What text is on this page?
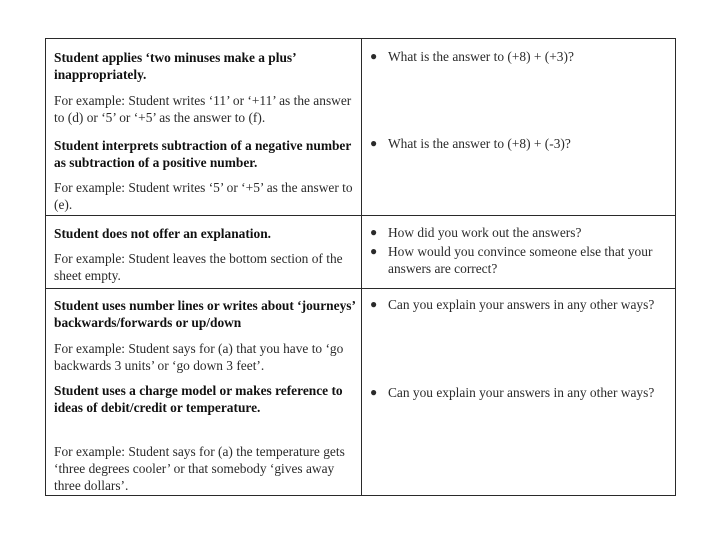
Student applies ‘two minuses make a plus’ inappropriately.
For example: Student writes ‘11’ or ‘+11’ as the answer to (d) or ‘5’ or ‘+5’ as the answer to (f).
Student interprets subtraction of a negative number as subtraction of a positive number.
For example: Student writes ‘5’ or ‘+5’ as the answer to (e).
● What is the answer to (+8) + (+3)?
● What is the answer to (+8) + (-3)?
Student does not offer an explanation.
For example: Student leaves the bottom section of the sheet empty.
● How did you work out the answers?
● How would you convince someone else that your answers are correct?
Student uses number lines or writes about ‘journeys’ backwards/forwards or up/down
For example: Student says for (a) that you have to ‘go backwards 3 units’ or ‘go down 3 feet’.
Student uses a charge model or makes reference to ideas of debit/credit or temperature.
For example: Student says for (a) the temperature gets ‘three degrees cooler’ or that somebody ‘gives away three dollars’.
● Can you explain your answers in any other ways?
● Can you explain your answers in any other ways?
